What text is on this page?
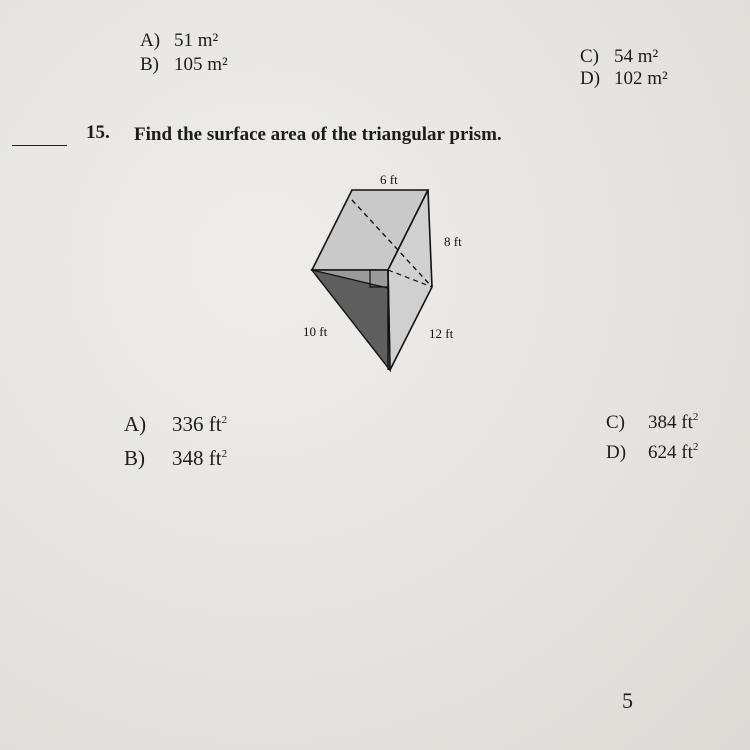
A) 51 m²
B) 105 m²	C) 54 m²
D) 102 m²
15. Find the surface area of the triangular prism.
6 ft
8 ft
10 ft	12 ft
A) 336 $ft^2$
B) 348 $ft^2$
C) 384 $ft^2$
D) 624 $ft^2$
5
